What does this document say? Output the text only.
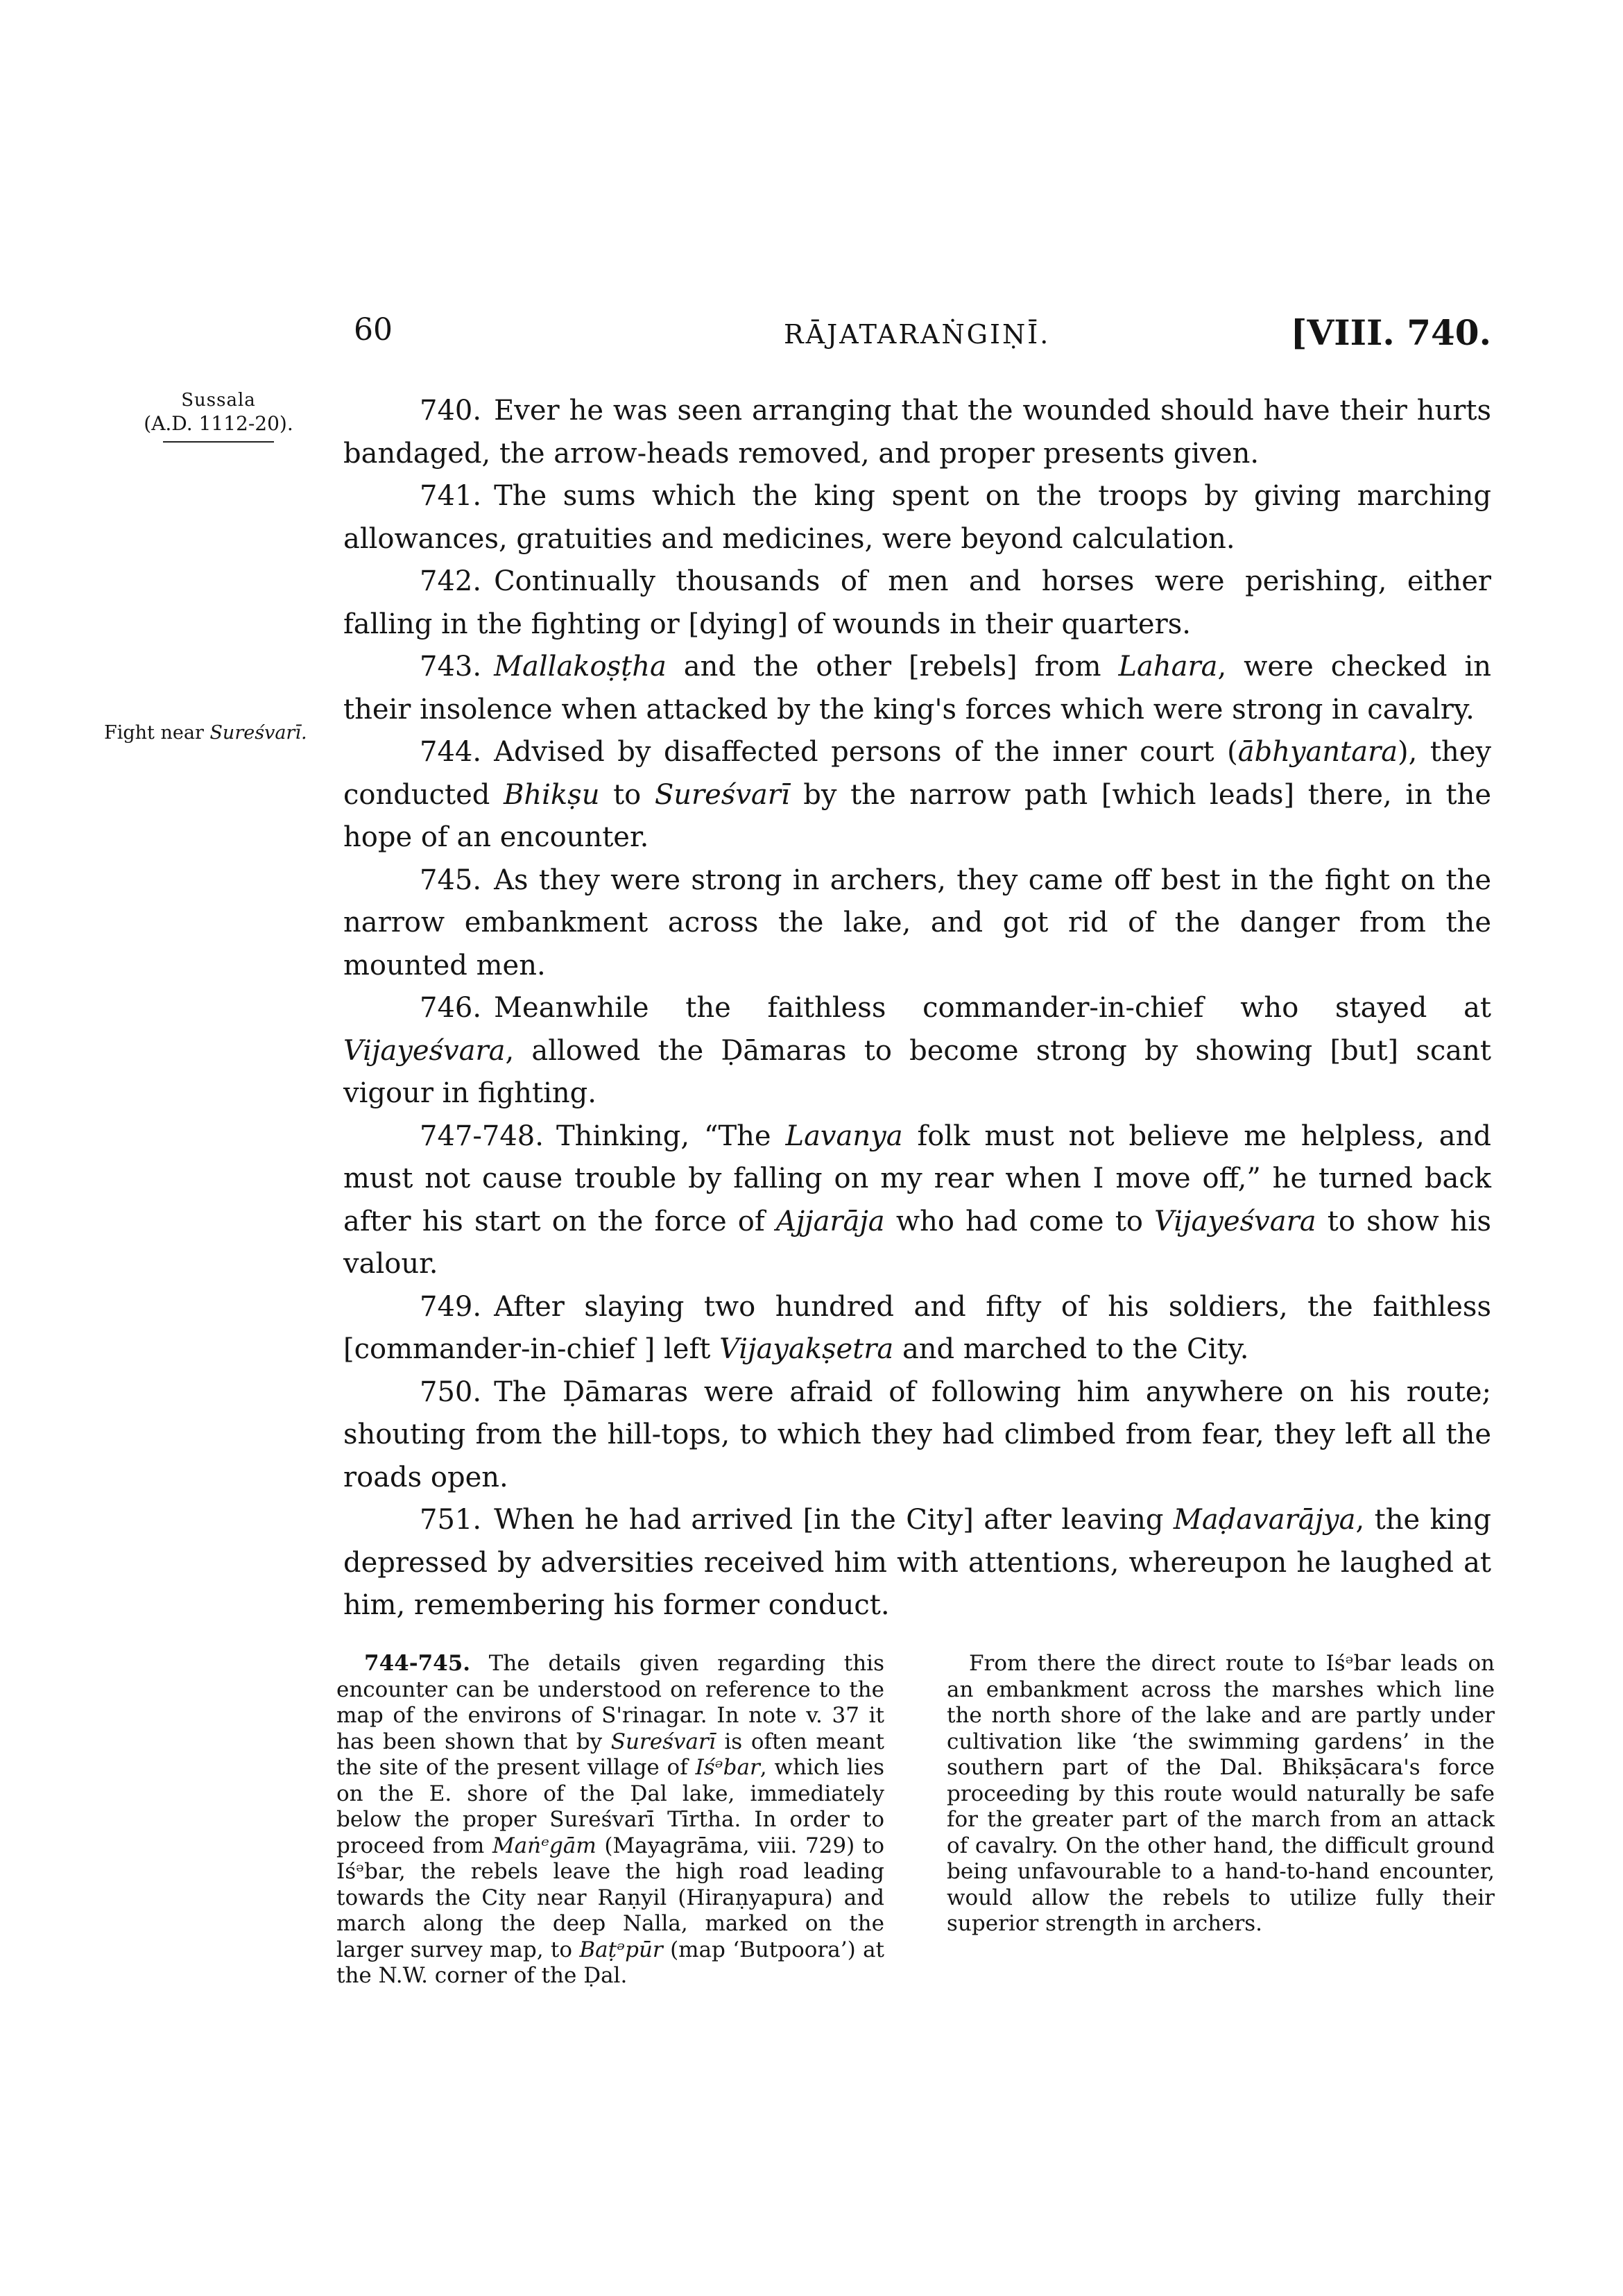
60	RĀJATARAṄGIṆĪ.	[VIII. 740.
Sussala
(A.D. 1112-20).
Fight near Sureśvarī.

740. Ever he was seen arranging that the wounded should have their hurts bandaged, the arrow-heads removed, and proper presents given.

741. The sums which the king spent on the troops by giving marching allowances, gratuities and medicines, were beyond calculation.

742. Continually thousands of men and horses were perishing, either falling in the fighting or [dying] of wounds in their quarters.

743. Mallakoṣṭha and the other [rebels] from Lahara, were checked in their insolence when attacked by the king's forces which were strong in cavalry.

744. Advised by disaffected persons of the inner court (ābhyantara), they conducted Bhikṣu to Sureśvarī by the narrow path [which leads] there, in the hope of an encounter.

745. As they were strong in archers, they came off best in the fight on the narrow embankment across the lake, and got rid of the danger from the mounted men.

746. Meanwhile the faithless commander-in-chief who stayed at Vijayeśvara, allowed the Ḍāmaras to become strong by showing [but] scant vigour in fighting.

747-748. Thinking, “The Lavanya folk must not believe me helpless, and must not cause trouble by falling on my rear when I move off,” he turned back after his start on the force of Ajjarāja who had come to Vijayeśvara to show his valour.

749. After slaying two hundred and fifty of his soldiers, the faithless [commander-in-chief ] left Vijayakṣetra and marched to the City.

750. The Ḍāmaras were afraid of following him anywhere on his route; shouting from the hill-tops, to which they had climbed from fear, they left all the roads open.

751. When he had arrived [in the City] after leaving Maḍavarājya, the king depressed by adversities received him with attentions, whereupon he laughed at him, remembering his former conduct.

744-745. The details given regarding this encounter can be understood on reference to the map of the environs of S'rinagar. In note v. 37 it has been shown that by Sureśvarī is often meant the site of the present village of Iśᵊbar, which lies on the E. shore of the Ḍal lake, immediately below the proper Sureśvarī Tīrtha. In order to proceed from Maṅᵉgām (Mayagrāma, viii. 729) to Iśᵊbar, the rebels leave the high road leading towards the City near Raṇyil (Hiraṇyapura) and march along the deep Nalla, marked on the larger survey map, to Baṭᵊpūr (map ‘Butpoora’) at the N.W. corner of the Ḍal.

From there the direct route to Iśᵊbar leads on an embankment across the marshes which line the north shore of the lake and are partly under cultivation like ‘the swimming gardens’ in the southern part of the Dal. Bhikṣācara's force proceeding by this route would naturally be safe for the greater part of the march from an attack of cavalry. On the other hand, the difficult ground being unfavourable to a hand-to-hand encounter, would allow the rebels to utilize fully their superior strength in archers.
